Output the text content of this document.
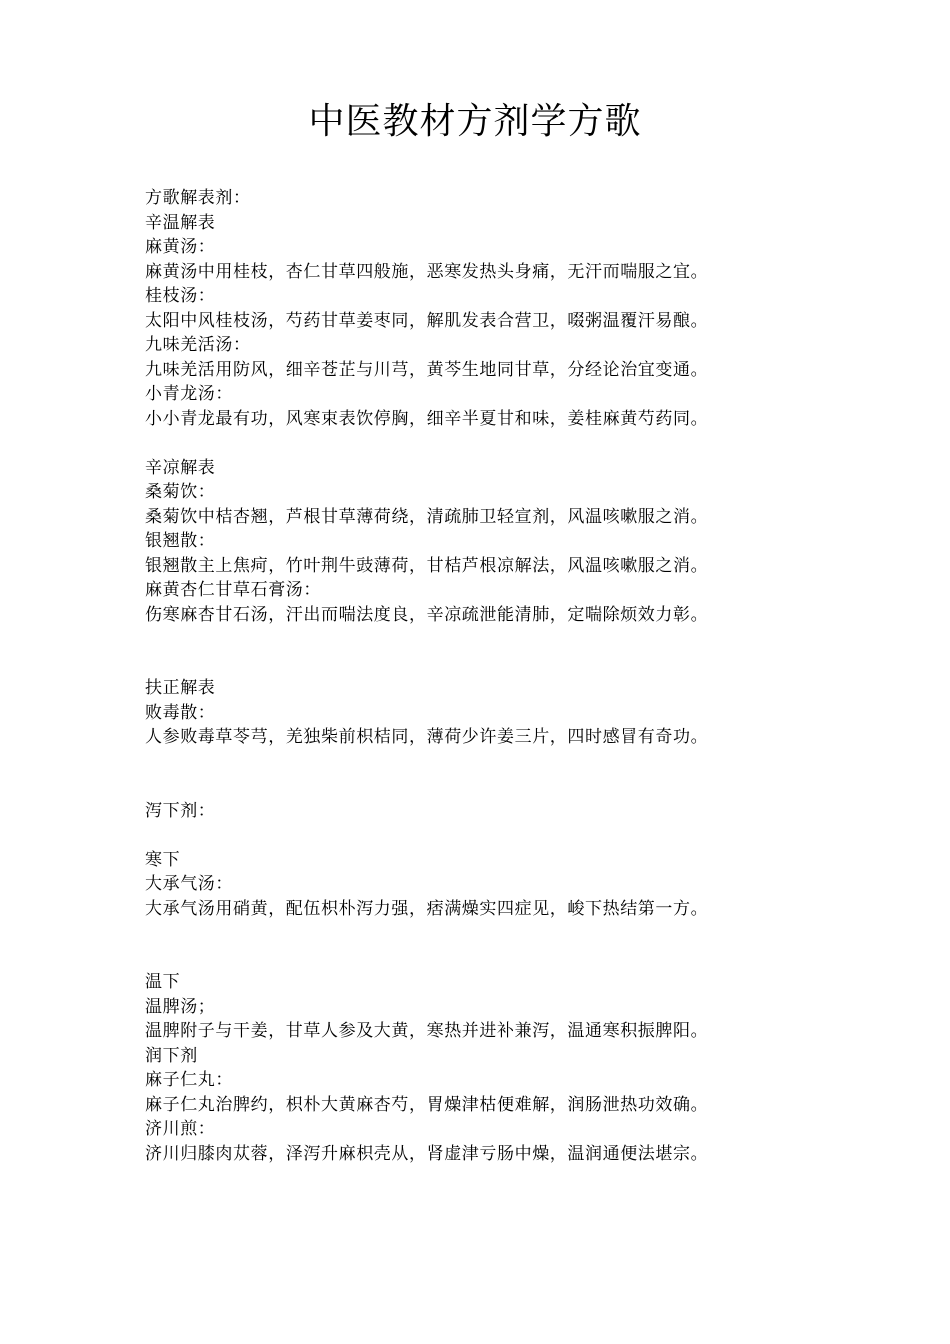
中医教材方剂学方歌
方歌解表剂：
辛温解表
麻黄汤：
麻黄汤中用桂枝，杏仁甘草四般施，恶寒发热头身痛，无汗而喘服之宜。
桂枝汤：
太阳中风桂枝汤，芍药甘草姜枣同，解肌发表合营卫，啜粥温覆汗易酿。
九味羌活汤：
九味羌活用防风，细辛苍芷与川芎，黄芩生地同甘草，分经论治宜变通。
小青龙汤：
小小青龙最有功，风寒束表饮停胸，细辛半夏甘和味，姜桂麻黄芍药同。
辛凉解表
桑菊饮：
桑菊饮中桔杏翘，芦根甘草薄荷绕，清疏肺卫轻宣剂，风温咳嗽服之消。
银翘散：
银翘散主上焦疴，竹叶荆牛豉薄荷，甘桔芦根凉解法，风温咳嗽服之消。
麻黄杏仁甘草石膏汤：
伤寒麻杏甘石汤，汗出而喘法度良，辛凉疏泄能清肺，定喘除烦效力彰。
扶正解表
败毒散：
人参败毒草苓芎，羌独柴前枳桔同，薄荷少许姜三片，四时感冒有奇功。
泻下剂：
寒下
大承气汤：
大承气汤用硝黄，配伍枳朴泻力强，痞满燥实四症见，峻下热结第一方。
温下
温脾汤；
温脾附子与干姜，甘草人参及大黄，寒热并进补兼泻，温通寒积振脾阳。
润下剂
麻子仁丸：
麻子仁丸治脾约，枳朴大黄麻杏芍，胃燥津枯便难解，润肠泄热功效确。
济川煎：
济川归膝肉苁蓉，泽泻升麻枳壳从，肾虚津亏肠中燥，温润通便法堪宗。
